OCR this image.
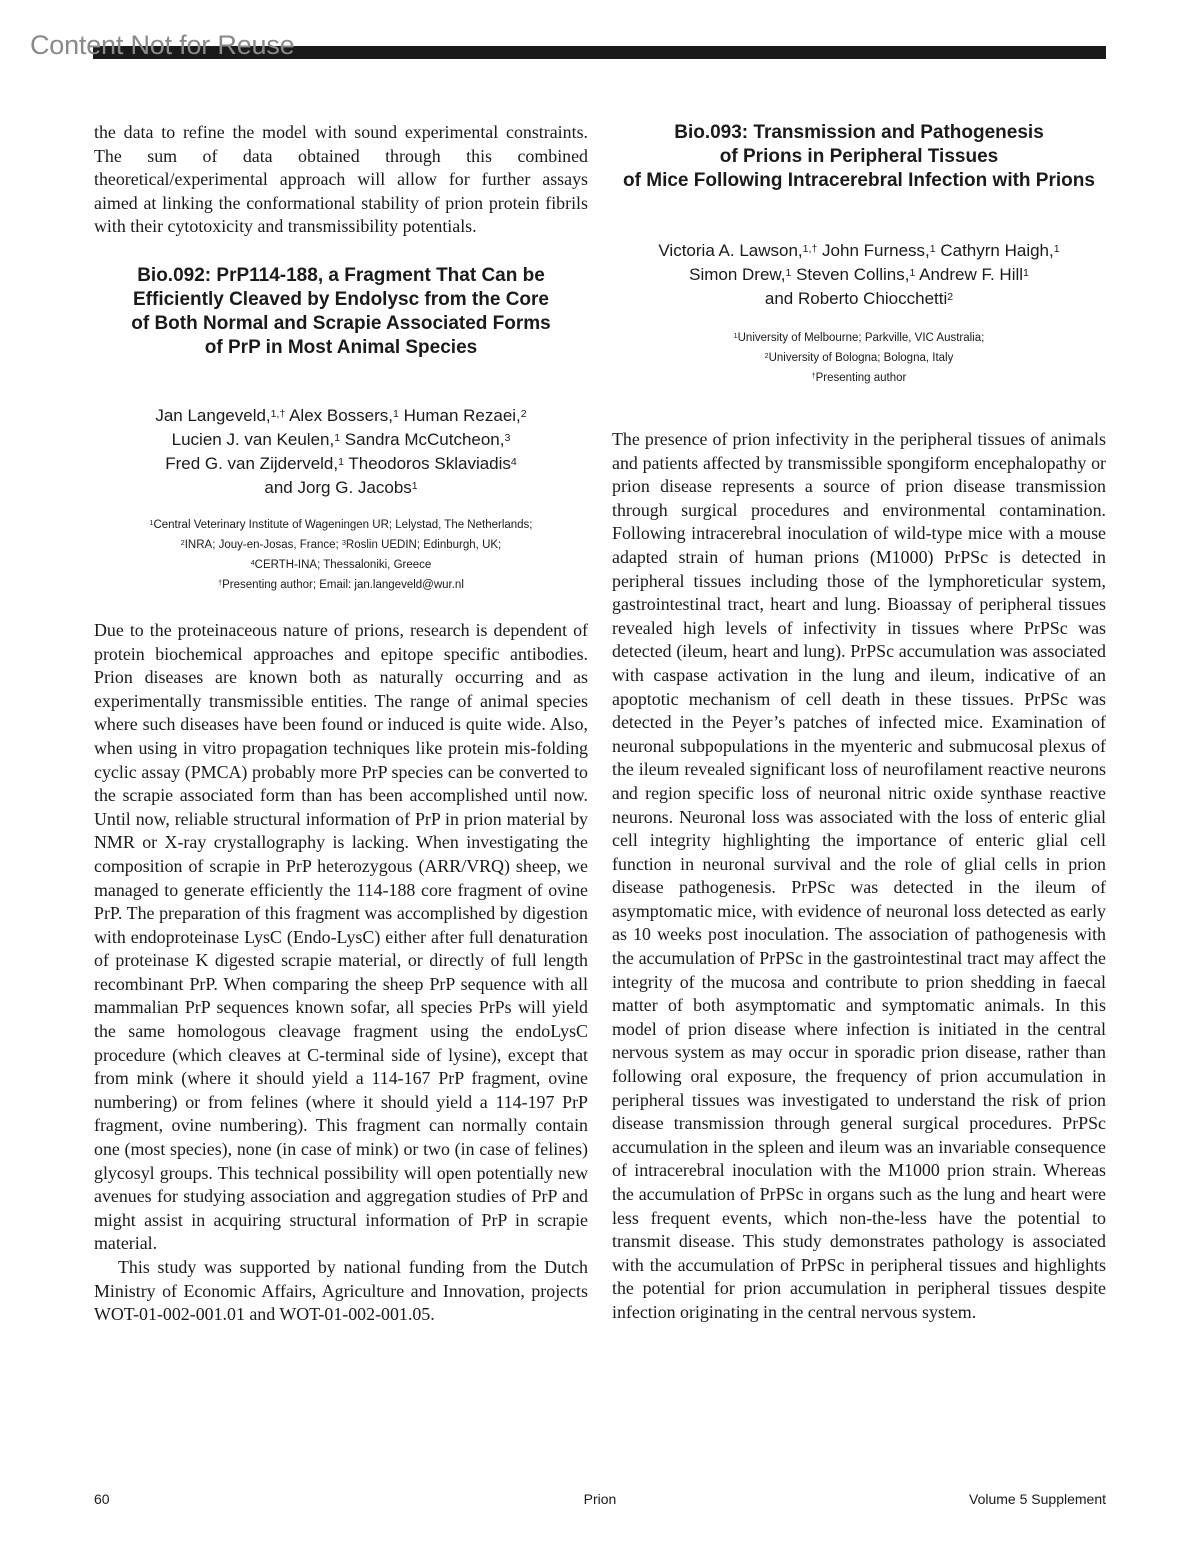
Content Not for Reuse

the data to refine the model with sound experimental constraints. The sum of data obtained through this combined theoretical/experimental approach will allow for further assays aimed at linking the conformational stability of prion protein fibrils with their cytotoxicity and transmissibility potentials.

Bio.092: PrP114-188, a Fragment That Can be
Efficiently Cleaved by Endolysc from the Core
of Both Normal and Scrapie Associated Forms
of PrP in Most Animal Species
Jan Langeveld,$^{1,\dagger}$ Alex Bossers,$^1$ Human Rezaei,$^2$
Lucien J. van Keulen,$^1$ Sandra McCutcheon,$^3$
Fred G. van Zijderveld,$^1$ Theodoros Sklaviadis$^4$
and Jorg G. Jacobs$^1$
$^1$Central Veterinary Institute of Wageningen UR; Lelystad, The Netherlands;
$^2$INRA; Jouy-en-Josas, France; $^3$Roslin UEDIN; Edinburgh, UK;
$^4$CERTH-INA; Thessaloniki, Greece
†Presenting author; Email: jan.langeveld@wur.nl

Due to the proteinaceous nature of prions, research is dependent of protein biochemical approaches and epitope specific antibodies. Prion diseases are known both as naturally occurring and as experimentally transmissible entities. The range of animal species where such diseases have been found or induced is quite wide. Also, when using in vitro propagation techniques like protein mis-folding cyclic assay (PMCA) probably more PrP species can be converted to the scrapie associated form than has been accomplished until now. Until now, reliable structural information of PrP in prion material by NMR or X-ray crystallography is lacking. When investigating the composition of scrapie in PrP heterozygous (ARR/VRQ) sheep, we managed to generate efficiently the 114-188 core fragment of ovine PrP. The preparation of this fragment was accomplished by digestion with endoproteinase LysC (Endo-LysC) either after full denaturation of proteinase K digested scrapie material, or directly of full length recombinant PrP. When comparing the sheep PrP sequence with all mammalian PrP sequences known sofar, all species PrPs will yield the same homologous cleavage fragment using the endoLysC procedure (which cleaves at C-terminal side of lysine), except that from mink (where it should yield a 114-167 PrP fragment, ovine numbering) or from felines (where it should yield a 114-197 PrP fragment, ovine numbering). This fragment can normally contain one (most species), none (in case of mink) or two (in case of felines) glycosyl groups. This technical possibility will open potentially new avenues for studying association and aggregation studies of PrP and might assist in acquiring structural information of PrP in scrapie material.

This study was supported by national funding from the Dutch Ministry of Economic Affairs, Agriculture and Innovation, projects WOT-01-002-001.01 and WOT-01-002-001.05.

Bio.093: Transmission and Pathogenesis
of Prions in Peripheral Tissues
of Mice Following Intracerebral Infection with Prions
Victoria A. Lawson,$^{1,\dagger}$ John Furness,$^1$ Cathyrn Haigh,$^1$
Simon Drew,$^1$ Steven Collins,$^1$ Andrew F. Hill$^1$
and Roberto Chiocchetti$^2$
$^1$University of Melbourne; Parkville, VIC Australia;
$^2$University of Bologna; Bologna, Italy
†Presenting author

The presence of prion infectivity in the peripheral tissues of animals and patients affected by transmissible spongiform encephalopathy or prion disease represents a source of prion disease transmission through surgical procedures and environmental contamination. Following intracerebral inoculation of wild-type mice with a mouse adapted strain of human prions (M1000) PrPSc is detected in peripheral tissues including those of the lymphoreticular system, gastrointestinal tract, heart and lung. Bioassay of peripheral tissues revealed high levels of infectivity in tissues where PrPSc was detected (ileum, heart and lung). PrPSc accumulation was associated with caspase activation in the lung and ileum, indicative of an apoptotic mechanism of cell death in these tissues. PrPSc was detected in the Peyer’s patches of infected mice. Examination of neuronal subpopulations in the myenteric and submucosal plexus of the ileum revealed significant loss of neurofilament reactive neurons and region specific loss of neuronal nitric oxide synthase reactive neurons. Neuronal loss was associated with the loss of enteric glial cell integrity highlighting the importance of enteric glial cell function in neuronal survival and the role of glial cells in prion disease pathogenesis. PrPSc was detected in the ileum of asymptomatic mice, with evidence of neuronal loss detected as early as 10 weeks post inoculation. The association of pathogenesis with the accumulation of PrPSc in the gastrointestinal tract may affect the integrity of the mucosa and contribute to prion shedding in faecal matter of both asymptomatic and symptomatic animals. In this model of prion disease where infection is initiated in the central nervous system as may occur in sporadic prion disease, rather than following oral exposure, the frequency of prion accumulation in peripheral tissues was investigated to understand the risk of prion disease transmission through general surgical procedures. PrPSc accumulation in the spleen and ileum was an invariable consequence of intracerebral inoculation with the M1000 prion strain. Whereas the accumulation of PrPSc in organs such as the lung and heart were less frequent events, which non-the-less have the potential to transmit disease. This study demonstrates pathology is associated with the accumulation of PrPSc in peripheral tissues and highlights the potential for prion accumulation in peripheral tissues despite infection originating in the central nervous system.

60	Prion	Volume 5 Supplement
